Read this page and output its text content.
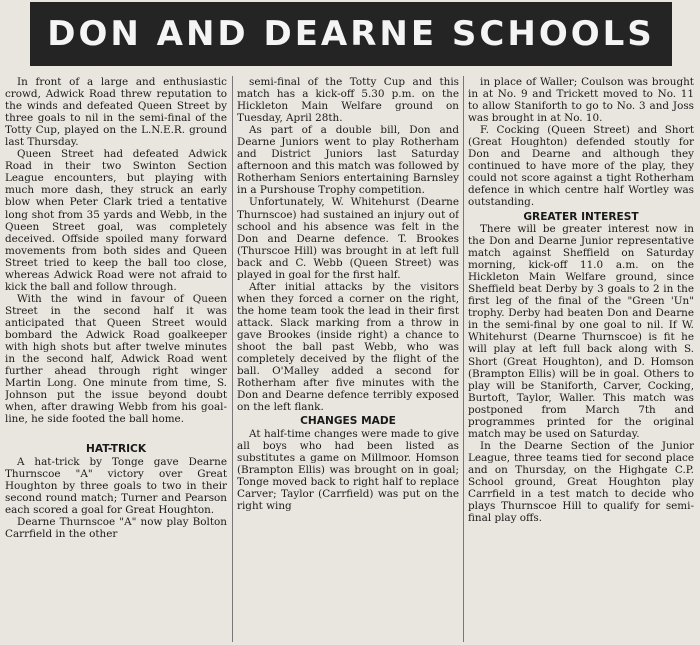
DON AND DEARNE SCHOOLS

In front of a large and enthusiastic crowd, Adwick Road threw reputation to the winds and defeated Queen Street by three goals to nil in the semi-final of the Totty Cup, played on the L.N.E.R. ground last Thursday.

Queen Street had defeated Adwick Road in their two Swinton Section League encounters, but playing with much more dash, they struck an early blow when Peter Clark tried a tentative long shot from 35 yards and Webb, in the Queen Street goal, was completely deceived. Offside spoiled many forward movements from both sides and Queen Street tried to keep the ball too close, whereas Adwick Road were not afraid to kick the ball and follow through.

With the wind in favour of Queen Street in the second half it was anticipated that Queen Street would bombard the Adwick Road goalkeeper with high shots but after twelve minutes in the second half, Adwick Road went further ahead through right winger Martin Long. One minute from time, S. Johnson put the issue beyond doubt when, after drawing Webb from his goal-line, he side footed the ball home.

HAT-TRICK

A hat-trick by Tonge gave Dearne Thurnscoe "A" victory over Great Houghton by three goals to two in their second round match; Turner and Pearson each scored a goal for Great Houghton.

Dearne Thurnscoe "A" now play Bolton Carrfield in the other

semi-final of the Totty Cup and this match has a kick-off 5.30 p.m. on the Hickleton Main Welfare ground on Tuesday, April 28th.

As part of a double bill, Don and Dearne Juniors went to play Rotherham and District Juniors last Saturday afternoon and this match was followed by Rotherham Seniors entertaining Barnsley in a Purshouse Trophy competition.

Unfortunately, W. Whitehurst (Dearne Thurnscoe) had sustained an injury out of school and his absence was felt in the Don and Dearne defence. T. Brookes (Thurscoe Hill) was brought in at left full back and C. Webb (Queen Street) was played in goal for the first half.

After initial attacks by the visitors when they forced a corner on the right, the home team took the lead in their first attack. Slack marking from a throw in gave Brookes (inside right) a chance to shoot the ball past Webb, who was completely deceived by the flight of the ball. O'Malley added a second for Rotherham after five minutes with the Don and Dearne defence terribly exposed on the left flank.

CHANGES MADE

At half-time changes were made to give all boys who had been listed as substitutes a game on Millmoor. Homson (Brampton Ellis) was brought on in goal; Tonge moved back to right half to replace Carver; Taylor (Carrfield) was put on the right wing

in place of Waller; Coulson was brought in at No. 9 and Trickett moved to No. 11 to allow Staniforth to go to No. 3 and Joss was brought in at No. 10.

F. Cocking (Queen Street) and Short (Great Houghton) defended stoutly for Don and Dearne and although they continued to have more of the play, they could not score against a tight Rotherham defence in which centre half Wortley was outstanding.

GREATER INTEREST

There will be greater interest now in the Don and Dearne Junior representative match against Sheffield on Saturday morning, kick-off 11.0 a.m. on the Hickleton Main Welfare ground, since Sheffield beat Derby by 3 goals to 2 in the first leg of the final of the "Green 'Un" trophy. Derby had beaten Don and Dearne in the semi-final by one goal to nil. If W. Whitehurst (Dearne Thurnscoe) is fit he will play at left full back along with S. Short (Great Houghton), and D. Homson (Brampton Ellis) will be in goal. Others to play will be Staniforth, Carver, Cocking, Burtoft, Taylor, Waller. This match was postponed from March 7th and programmes printed for the original match may be used on Saturday.

In the Dearne Section of the Junior League, three teams tied for second place and on Thursday, on the Highgate C.P. School ground, Great Houghton play Carrfield in a test match to decide who plays Thurnscoe Hill to qualify for semi-final play offs.
